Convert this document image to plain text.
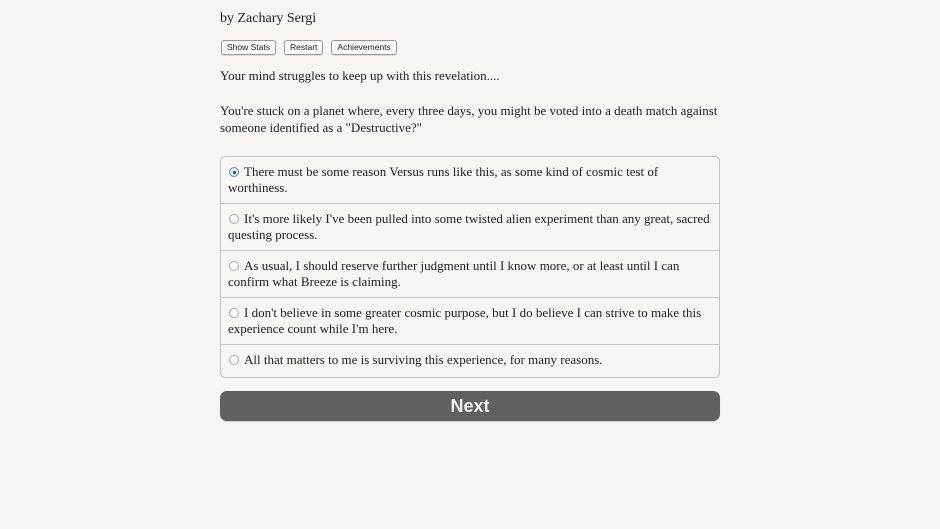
by Zachary Sergi
Show Stats	Restart	Achievements
Your mind struggles to keep up with this revelation....
You're stuck on a planet where, every three days, you might be voted into a death match against someone identified as a "Destructive?"
There must be some reason Versus runs like this, as some kind of cosmic test of worthiness.
It's more likely I've been pulled into some twisted alien experiment than any great, sacred questing process.
As usual, I should reserve further judgment until I know more, or at least until I can confirm what Breeze is claiming.
I don't believe in some greater cosmic purpose, but I do believe I can strive to make this experience count while I'm here.
All that matters to me is surviving this experience, for many reasons.
Next
